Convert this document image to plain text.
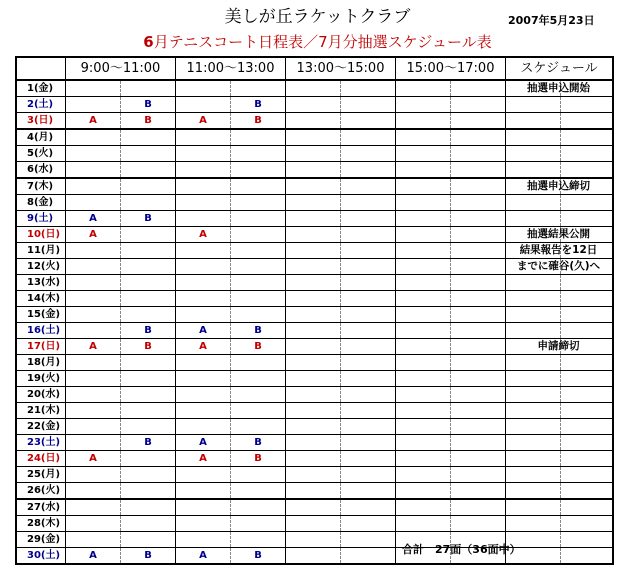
美しが丘ラケットクラブ	2007年5月23日
6月テニスコート日程表／7月分抽選スケジュール表
	9:00～11:00		11:00～13:00		13:00～15:00		15:00～17:00		スケジュール	
1(金)									抽選申込開始	

2(土)		B		B					

3(日)	A	B	A	B					

4(月)									

5(火)									

6(水)									

7(木)									抽選申込締切	

8(金)									

9(土)	A	B							

10(日)	A		A						抽選結果公開	

11(月)									結果報告を12日	

12(火)									までに確谷(久)へ	

13(水)									

14(木)									

15(金)									

16(土)		B	A	B					

17(日)	A	B	A	B					申請締切	

18(月)									

19(火)									

20(水)									

21(木)									

22(金)									

23(土)		B	A	B					

24(日)	A		A	B					

25(月)									

26(火)									

27(水)									

28(木)									

29(金)									

30(土)	A	B	A	B					
		合計　27面（36面中）
